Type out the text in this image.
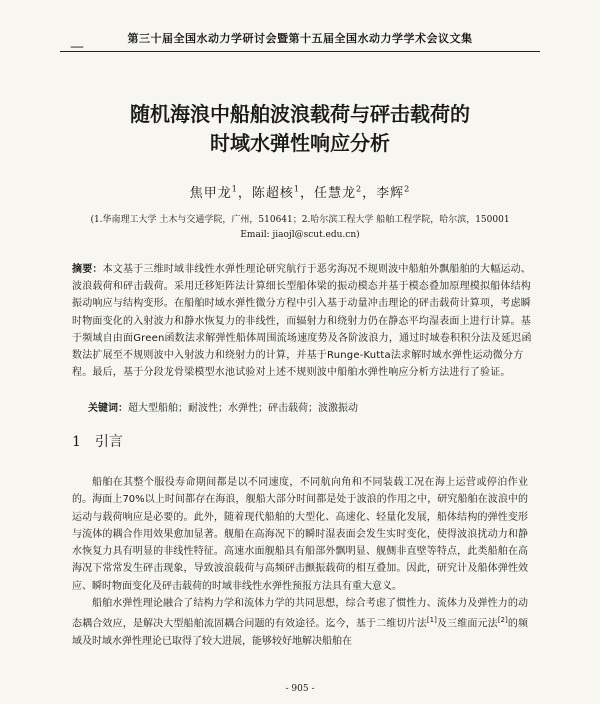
—
第三十届全国水动力学研讨会暨第十五届全国水动力学学术会议文集
随机海浪中船舶波浪载荷与砰击载荷的
时域水弹性响应分析
焦甲龙$^1$，陈超核$^1$，任慧龙$^2$，李辉$^2$
(1.华南理工大学 土木与交通学院，广州，510641；2.哈尔滨工程大学 船舶工程学院，哈尔滨，150001
Email: jiaojl@scut.edu.cn)
摘要：本文基于三维时域非线性水弹性理论研究航行于恶劣海况不规则波中船舶外飘船舶的大幅运动、波浪载荷和砰击载荷。采用迁移矩阵法计算细长型船体梁的振动模态并基于模态叠加原理模拟船体结构振动响应与结构变形。在船舶时域水弹性微分方程中引入基于动量冲击理论的砰击载荷计算项，考虑瞬时物面变化的入射波力和静水恢复力的非线性，而辐射力和绕射力仍在静态平均湿表面上进行计算。基于频域自由面Green函数法求解弹性船体周围流场速度势及各阶波浪力，通过时域卷积积分法及延迟函数法扩展至不规则波中入射波力和绕射力的计算，并基于Runge-Kutta法求解时域水弹性运动微分方程。最后，基于分段龙骨梁模型水池试验对上述不规则波中船舶水弹性响应分析方法进行了验证。
关键词：超大型船舶；耐波性；水弹性；砰击载荷；波激振动
1 引言

船舶在其整个服役寿命期间都是以不同速度，不同航向角和不同装载工况在海上运营或停泊作业的。海面上70%以上时间都存在海浪，舰船大部分时间都是处于波浪的作用之中，研究船舶在波浪中的运动与载荷响应是必要的。此外，随着现代船舶的大型化、高速化、轻量化发展，船体结构的弹性变形与流体的耦合作用效果愈加显著。舰船在高海况下的瞬时湿表面会发生实时变化，使得波浪扰动力和静水恢复力具有明显的非线性特征。高速水面舰船具有船部外飘明显、舰侧非直壁等特点，此类船舶在高海况下常常发生砰击现象，导致波浪载荷与高频砰击颤振载荷的相互叠加。因此，研究计及船体弹性效应、瞬时物面变化及砰击载荷的时域非线性水弹性预报方法具有重大意义。

船舶水弹性理论融合了结构力学和流体力学的共同思想，综合考虑了惯性力、流体力及弹性力的动态耦合效应，是解决大型船舶流固耦合问题的有效途径。迄今，基于二维切片法[1]及三维面元法[2]的频域及时域水弹性理论已取得了较大进展，能够较好地解决船舶在

- 905 -
